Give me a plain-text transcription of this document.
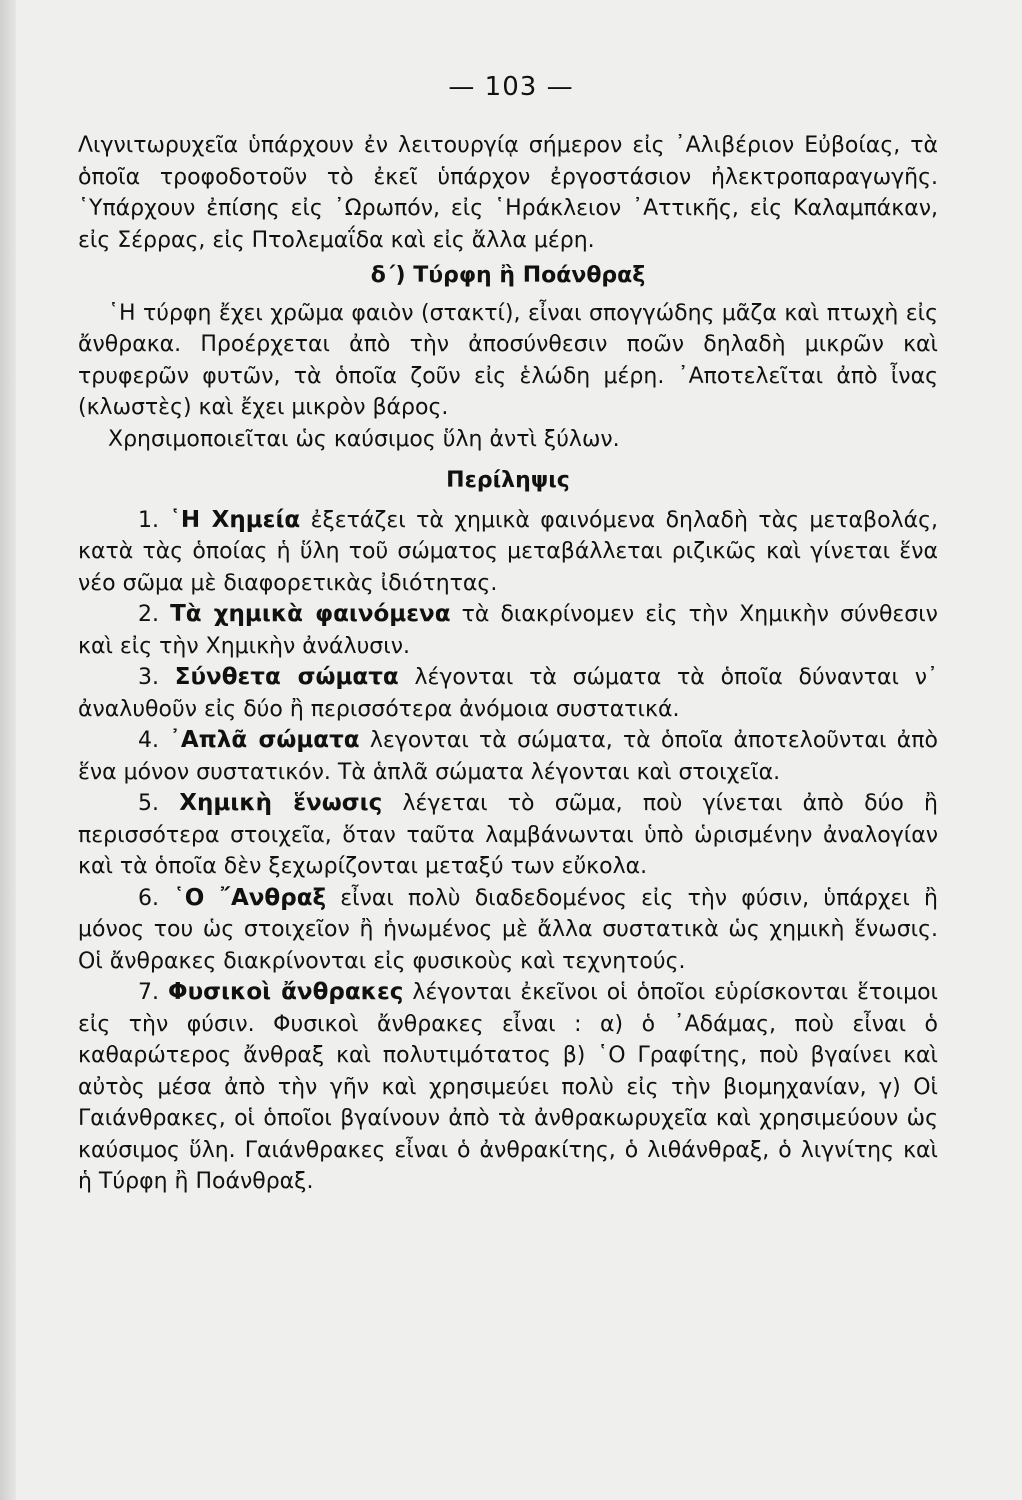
— 103 —

Λιγνιτωρυχεῖα ὑπάρχουν ἐν λειτουργίᾳ σήμερον εἰς ᾿Αλιβέριον Εὐβοίας, τὰ ὁποῖα τροφοδοτοῦν τὸ ἐκεῖ ὑπάρχον ἐργοστάσιον ἠλεκτροπαραγωγῆς. ῾Υπάρχουν ἐπίσης εἰς ᾿Ωρωπόν, εἰς ῾Ηράκλειον ᾿Αττικῆς, εἰς Καλαμπάκαν, εἰς Σέρρας, εἰς Πτολεμαΐδα καὶ εἰς ἄλλα μέρη.

δ΄) Τύρφη ἢ Ποάνθραξ

῾Η τύρφη ἔχει χρῶμα φαιὸν (στακτί), εἶναι σπογγώδης μᾶζα καὶ πτωχὴ εἰς ἄνθρακα. Προέρχεται ἀπὸ τὴν ἀποσύνθεσιν ποῶν δηλαδὴ μικρῶν καὶ τρυφερῶν φυτῶν, τὰ ὁποῖα ζοῦν εἰς ἑλώδη μέρη. ᾿Αποτελεῖται ἀπὸ ἶνας (κλωστὲς) καὶ ἔχει μικρὸν βάρος.

Χρησιμοποιεῖται ὡς καύσιμος ὕλη ἀντὶ ξύλων.

Περίληψις

1. ῾Η Χημεία ἐξετάζει τὰ χημικὰ φαινόμενα δηλαδὴ τὰς μεταβολάς, κατὰ τὰς ὁποίας ἡ ὕλη τοῦ σώματος μεταβάλλεται ριζικῶς καὶ γίνεται ἕνα νέο σῶμα μὲ διαφορετικὰς ἰδιότητας.

2. Τὰ χημικὰ φαινόμενα τὰ διακρίνομεν εἰς τὴν Χημικὴν σύνθεσιν καὶ εἰς τὴν Χημικὴν ἀνάλυσιν.

3. Σύνθετα σώματα λέγονται τὰ σώματα τὰ ὁποῖα δύνανται ν᾿ ἀναλυθοῦν εἰς δύο ἢ περισσότερα ἀνόμοια συστατικά.

4. ᾿Απλᾶ σώματα λεγονται τὰ σώματα, τὰ ὁποῖα ἀποτελοῦνται ἀπὸ ἕνα μόνον συστατικόν. Τὰ ἁπλᾶ σώματα λέγονται καὶ στοιχεῖα.

5. Χημικὴ ἕνωσις λέγεται τὸ σῶμα, ποὺ γίνεται ἀπὸ δύο ἢ περισσότερα στοιχεῖα, ὅταν ταῦτα λαμβάνωνται ὑπὸ ὡρισμένην ἀναλογίαν καὶ τὰ ὁποῖα δὲν ξεχωρίζονται μεταξύ των εὔκολα.

6. ῾Ο ῎Ανθραξ εἶναι πολὺ διαδεδομένος εἰς τὴν φύσιν, ὑπάρχει ἢ μόνος του ὡς στοιχεῖον ἢ ἡνωμένος μὲ ἄλλα συστατικὰ ὡς χημικὴ ἕνωσις. Οἱ ἄνθρακες διακρίνονται εἰς φυσικοὺς καὶ τεχνητούς.

7. Φυσικοὶ ἄνθρακες λέγονται ἐκεῖνοι οἱ ὁποῖοι εὑρίσκονται ἕτοιμοι εἰς τὴν φύσιν. Φυσικοὶ ἄνθρακες εἶναι : α) ὁ ᾿Αδάμας, ποὺ εἶναι ὁ καθαρώτερος ἄνθραξ καὶ πολυτιμότατος β) ῾Ο Γραφίτης, ποὺ βγαίνει καὶ αὐτὸς μέσα ἀπὸ τὴν γῆν καὶ χρησιμεύει πολὺ εἰς τὴν βιομηχανίαν, γ) Οἱ Γαιάνθρακες, οἱ ὁποῖοι βγαίνουν ἀπὸ τὰ ἀνθρακωρυχεῖα καὶ χρησιμεύουν ὡς καύσιμος ὕλη. Γαιάνθρακες εἶναι ὁ ἀνθρακίτης, ὁ λιθάνθραξ, ὁ λιγνίτης καὶ ἡ Τύρφη ἢ Ποάνθραξ.
